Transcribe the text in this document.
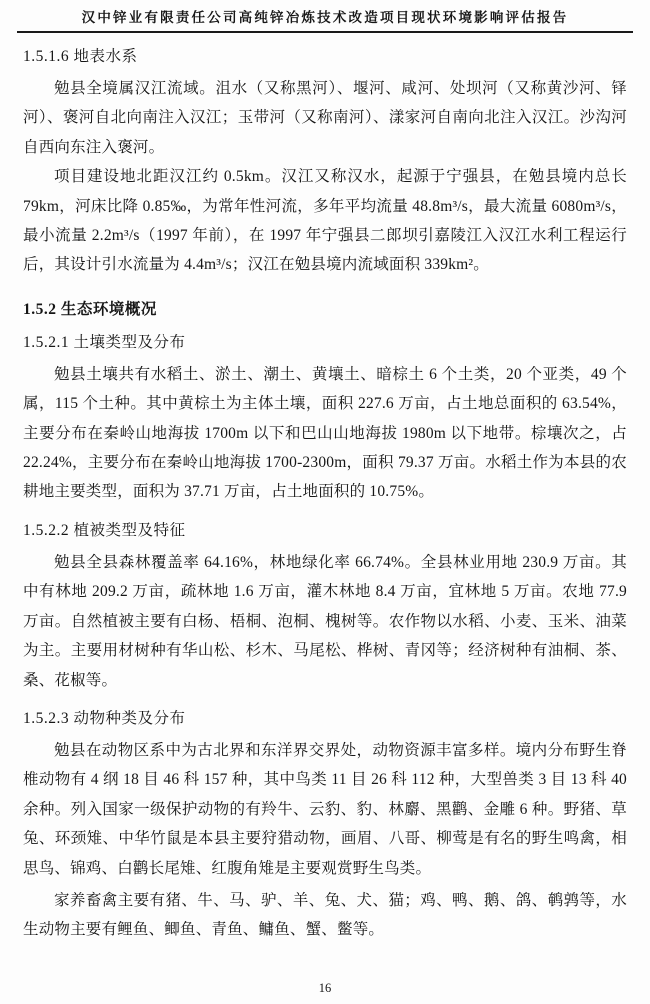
汉中锌业有限责任公司高纯锌冶炼技术改造项目现状环境影响评估报告
1.5.1.6 地表水系

勉县全境属汉江流域。沮水（又称黑河）、堰河、咸河、处坝河（又称黄沙河、铎河）、褒河自北向南注入汉江；玉带河（又称南河）、漾家河自南向北注入汉江。沙沟河自西向东注入褒河。

项目建设地北距汉江约 0.5km。汉江又称汉水，起源于宁强县，在勉县境内总长 79km，河床比降 0.85‰，为常年性河流，多年平均流量 48.8m³/s，最大流量 6080m³/s，最小流量 2.2m³/s（1997 年前），在 1997 年宁强县二郎坝引嘉陵江入汉江水利工程运行后，其设计引水流量为 4.4m³/s；汉江在勉县境内流域面积 339km²。

1.5.2 生态环境概况
1.5.2.1 土壤类型及分布

勉县土壤共有水稻土、淤土、潮土、黄壤土、暗棕土 6 个土类，20 个亚类，49 个属，115 个土种。其中黄棕土为主体土壤，面积 227.6 万亩，占土地总面积的 63.54%，主要分布在秦岭山地海拔 1700m 以下和巴山山地海拔 1980m 以下地带。棕壤次之，占 22.24%，主要分布在秦岭山地海拔 1700-2300m，面积 79.37 万亩。水稻土作为本县的农耕地主要类型，面积为 37.71 万亩，占土地面积的 10.75%。

1.5.2.2 植被类型及特征

勉县全县森林覆盖率 64.16%，林地绿化率 66.74%。全县林业用地 230.9 万亩。其中有林地 209.2 万亩，疏林地 1.6 万亩，灌木林地 8.4 万亩，宜林地 5 万亩。农地 77.9 万亩。自然植被主要有白杨、梧桐、泡桐、槐树等。农作物以水稻、小麦、玉米、油菜为主。主要用材树种有华山松、杉木、马尾松、桦树、青冈等；经济树种有油桐、茶、桑、花椒等。

1.5.2.3 动物种类及分布

勉县在动物区系中为古北界和东洋界交界处，动物资源丰富多样。境内分布野生脊椎动物有 4 纲 18 目 46 科 157 种，其中鸟类 11 目 26 科 112 种，大型兽类 3 目 13 科 40 余种。列入国家一级保护动物的有羚牛、云豹、豹、林麝、黑鹳、金雕 6 种。野猪、草兔、环颈雉、中华竹鼠是本县主要狩猎动物，画眉、八哥、柳莺是有名的野生鸣禽，相思鸟、锦鸡、白鹳长尾雉、红腹角雉是主要观赏野生鸟类。

家养畜禽主要有猪、牛、马、驴、羊、兔、犬、猫；鸡、鸭、鹅、鸽、鹌鹑等，水生动物主要有鲤鱼、鲫鱼、青鱼、鳙鱼、蟹、鳖等。

16
